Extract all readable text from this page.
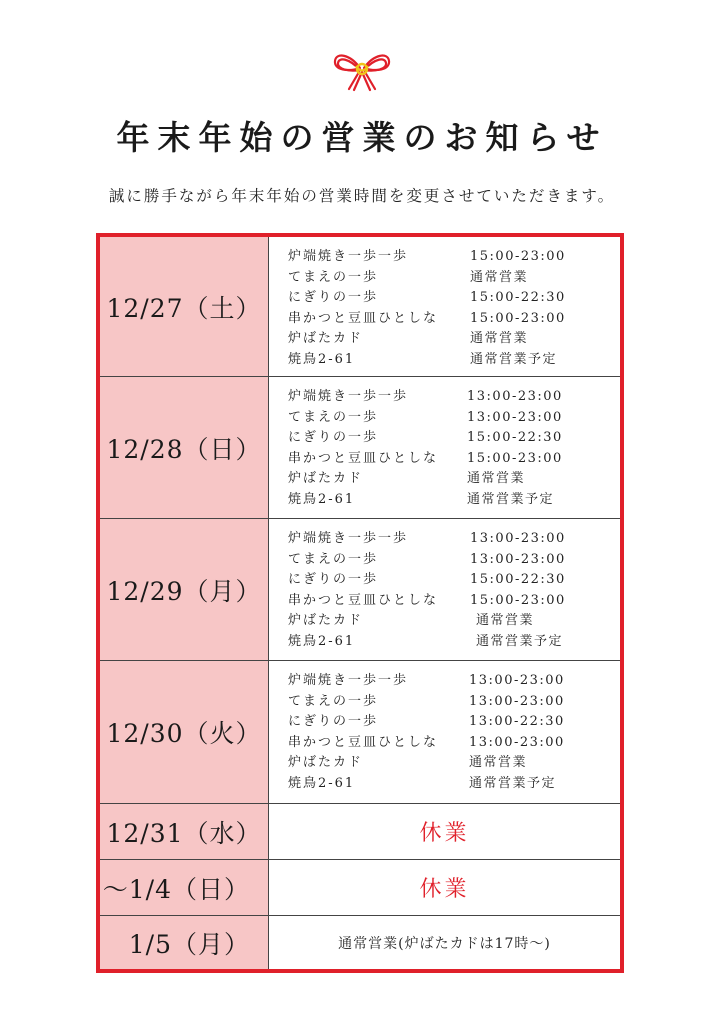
年末年始の営業のお知らせ
誠に勝手ながら年末年始の営業時間を変更させていただきます。
12/27（土）
炉端焼き一歩一歩	15:00-23:00
てまえの一歩	通常営業
にぎりの一歩	15:00-22:30
串かつと豆皿ひとしな 15:00-23:00
炉ばたカド	通常営業
焼鳥2-61	通常営業予定
12/28（日）
炉端焼き一歩一歩	13:00-23:00
てまえの一歩	13:00-23:00
にぎりの一歩	15:00-22:30
串かつと豆皿ひとしな 15:00-23:00
炉ばたカド	通常営業
焼鳥2-61	通常営業予定
12/29（月）
炉端焼き一歩一歩	13:00-23:00
てまえの一歩	13:00-23:00
にぎりの一歩	15:00-22:30
串かつと豆皿ひとしな 15:00-23:00
炉ばたカド	通常営業
焼鳥2-61	通常営業予定
12/30（火）
炉端焼き一歩一歩	13:00-23:00
てまえの一歩	13:00-23:00
にぎりの一歩	13:00-22:30
串かつと豆皿ひとしな 13:00-23:00
炉ばたカド	通常営業
焼鳥2-61	通常営業予定
12/31（水）	休業
～1/4（日）	休業
1/5（月）	通常営業(炉ばたカドは17時～)
